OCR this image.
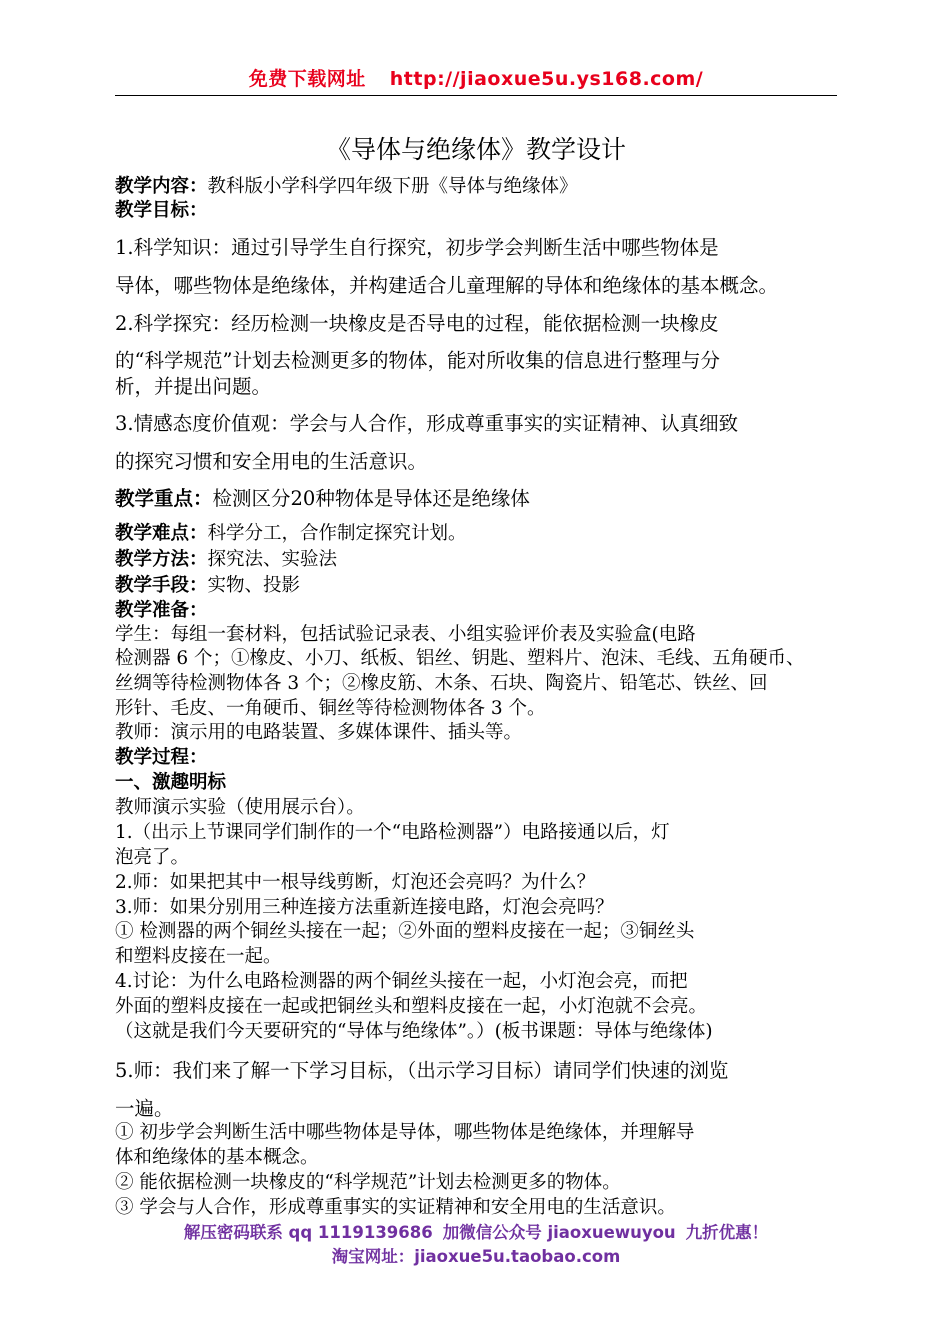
免费下载网址 http://jiaoxue5u.ys168.com/
《导体与绝缘体》教学设计
教学内容：教科版小学科学四年级下册《导体与绝缘体》
教学目标：
1.科学知识：通过引导学生自行探究，初步学会判断生活中哪些物体是
导体，哪些物体是绝缘体，并构建适合儿童理解的导体和绝缘体的基本概念。
2.科学探究：经历检测一块橡皮是否导电的过程，能依据检测一块橡皮
的“科学规范”计划去检测更多的物体，能对所收集的信息进行整理与分
析，并提出问题。
3.情感态度价值观：学会与人合作，形成尊重事实的实证精神、认真细致
的探究习惯和安全用电的生活意识。
教学重点：检测区分20种物体是导体还是绝缘体
教学难点：科学分工，合作制定探究计划。
教学方法：探究法、实验法
教学手段：实物、投影
教学准备：
学生：每组一套材料，包括试验记录表、小组实验评价表及实验盒(电路
检测器 6 个；①橡皮、小刀、纸板、铝丝、钥匙、塑料片、泡沫、毛线、五角硬币、
丝绸等待检测物体各 3 个；②橡皮筋、木条、石块、陶瓷片、铅笔芯、铁丝、回
形针、毛皮、一角硬币、铜丝等待检测物体各 3 个。
教师：演示用的电路装置、多媒体课件、插头等。
教学过程：
一、激趣明标
教师演示实验（使用展示台）。
1.（出示上节课同学们制作的一个“电路检测器”）电路接通以后，灯
泡亮了。
2.师：如果把其中一根导线剪断，灯泡还会亮吗？为什么？
3.师：如果分别用三种连接方法重新连接电路，灯泡会亮吗？
① 检测器的两个铜丝头接在一起；②外面的塑料皮接在一起；③铜丝头
和塑料皮接在一起。
4.讨论：为什么电路检测器的两个铜丝头接在一起，小灯泡会亮，而把
外面的塑料皮接在一起或把铜丝头和塑料皮接在一起，小灯泡就不会亮。
（这就是我们今天要研究的“导体与绝缘体”。）(板书课题：导体与绝缘体)
5.师：我们来了解一下学习目标，（出示学习目标）请同学们快速的浏览
一遍。
① 初步学会判断生活中哪些物体是导体，哪些物体是绝缘体，并理解导
体和绝缘体的基本概念。
② 能依据检测一块橡皮的“科学规范”计划去检测更多的物体。
③ 学会与人合作，形成尊重事实的实证精神和安全用电的生活意识。
解压密码联系 qq 1119139686 加微信公众号 jiaoxuewuyou 九折优惠！
淘宝网址：jiaoxue5u.taobao.com
